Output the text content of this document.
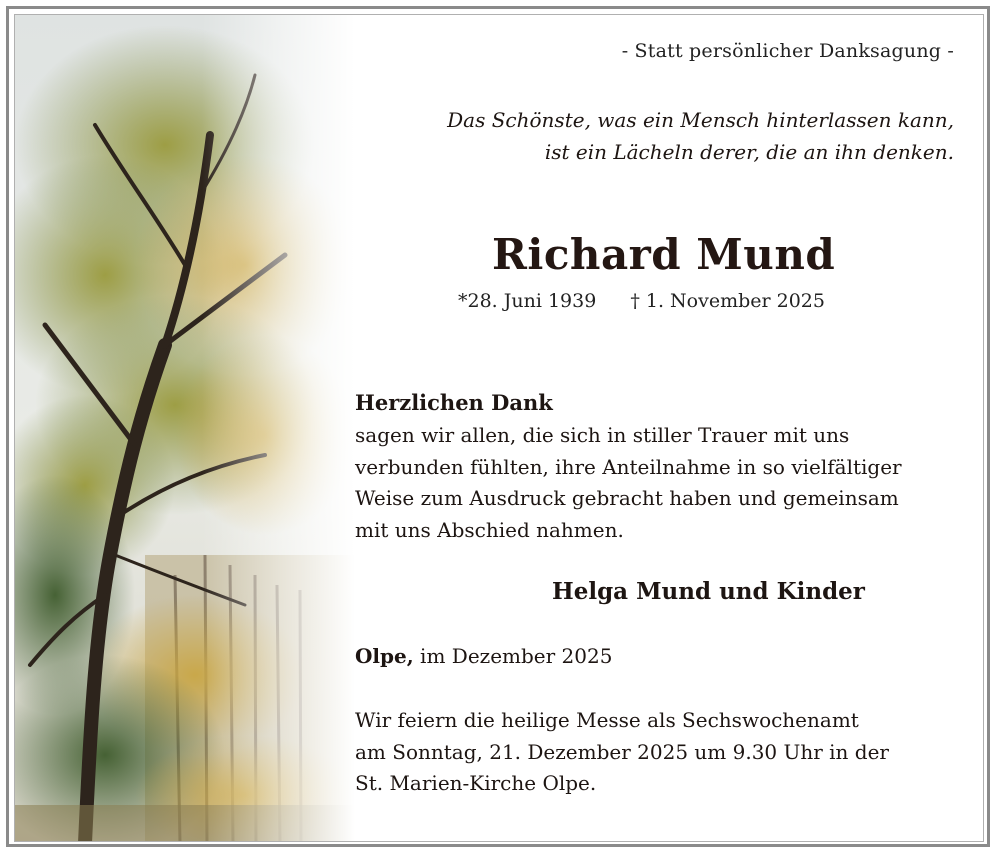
- Statt persönlicher Danksagung -
Das Schönste, was ein Mensch hinterlassen kann,
ist ein Lächeln derer, die an ihn denken.
Richard Mund
*28. Juni 1939 † 1. November 2025
Herzlichen Dank
sagen wir allen, die sich in stiller Trauer mit uns
verbunden fühlten, ihre Anteilnahme in so vielfältiger
Weise zum Ausdruck gebracht haben und gemeinsam
mit uns Abschied nahmen.
Helga Mund und Kinder
Olpe, im Dezember 2025
Wir feiern die heilige Messe als Sechswochenamt
am Sonntag, 21. Dezember 2025 um 9.30 Uhr in der
St. Marien-Kirche Olpe.
